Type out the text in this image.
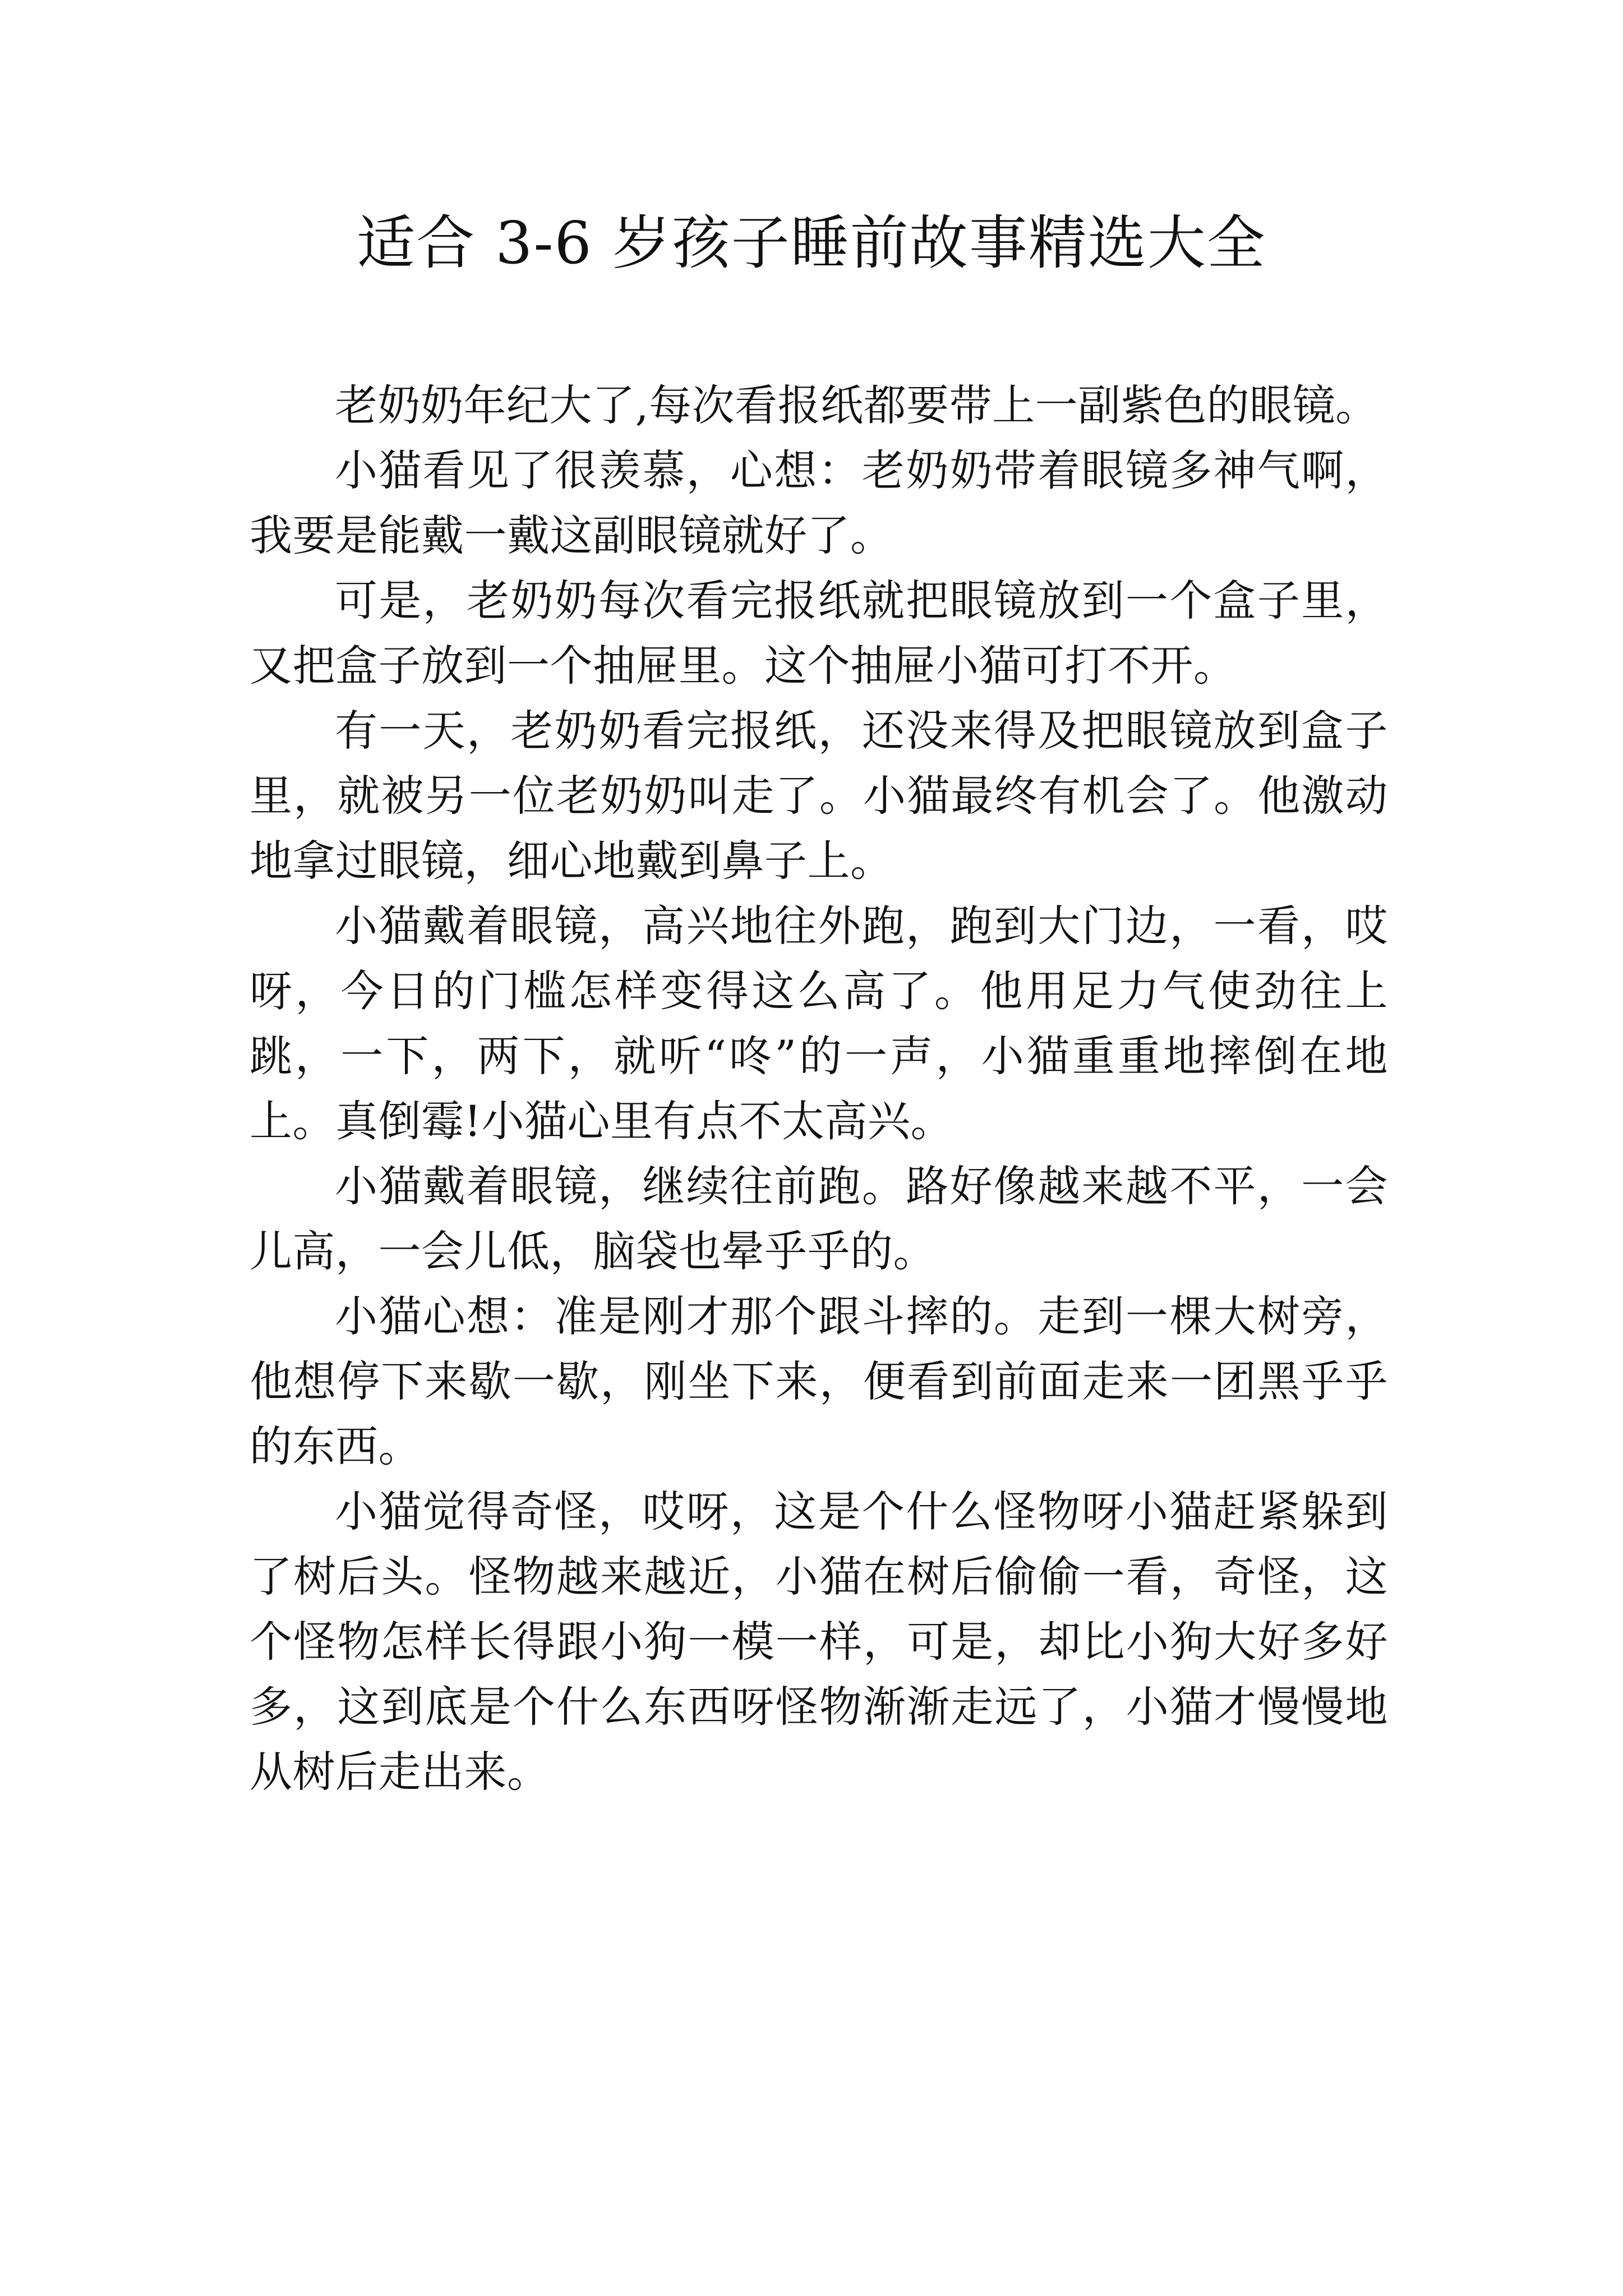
适合 3-6 岁孩子睡前故事精选大全

老奶奶年纪大了,每次看报纸都要带上一副紫色的眼镜。

小猫看见了很羡慕，心想：老奶奶带着眼镜多神气啊，我要是能戴一戴这副眼镜就好了。

可是，老奶奶每次看完报纸就把眼镜放到一个盒子里，又把盒子放到一个抽屉里。这个抽屉小猫可打不开。

有一天，老奶奶看完报纸，还没来得及把眼镜放到盒子里，就被另一位老奶奶叫走了。小猫最终有机会了。他激动地拿过眼镜，细心地戴到鼻子上。

小猫戴着眼镜，高兴地往外跑，跑到大门边，一看，哎呀，今日的门槛怎样变得这么高了。他用足力气使劲往上跳，一下，两下，就听“咚”的一声，小猫重重地摔倒在地上。真倒霉!小猫心里有点不太高兴。

小猫戴着眼镜，继续往前跑。路好像越来越不平，一会儿高，一会儿低，脑袋也晕乎乎的。

小猫心想：准是刚才那个跟斗摔的。走到一棵大树旁，他想停下来歇一歇，刚坐下来，便看到前面走来一团黑乎乎的东西。

小猫觉得奇怪，哎呀，这是个什么怪物呀小猫赶紧躲到了树后头。怪物越来越近，小猫在树后偷偷一看，奇怪，这个怪物怎样长得跟小狗一模一样，可是，却比小狗大好多好多，这到底是个什么东西呀怪物渐渐走远了，小猫才慢慢地从树后走出来。
